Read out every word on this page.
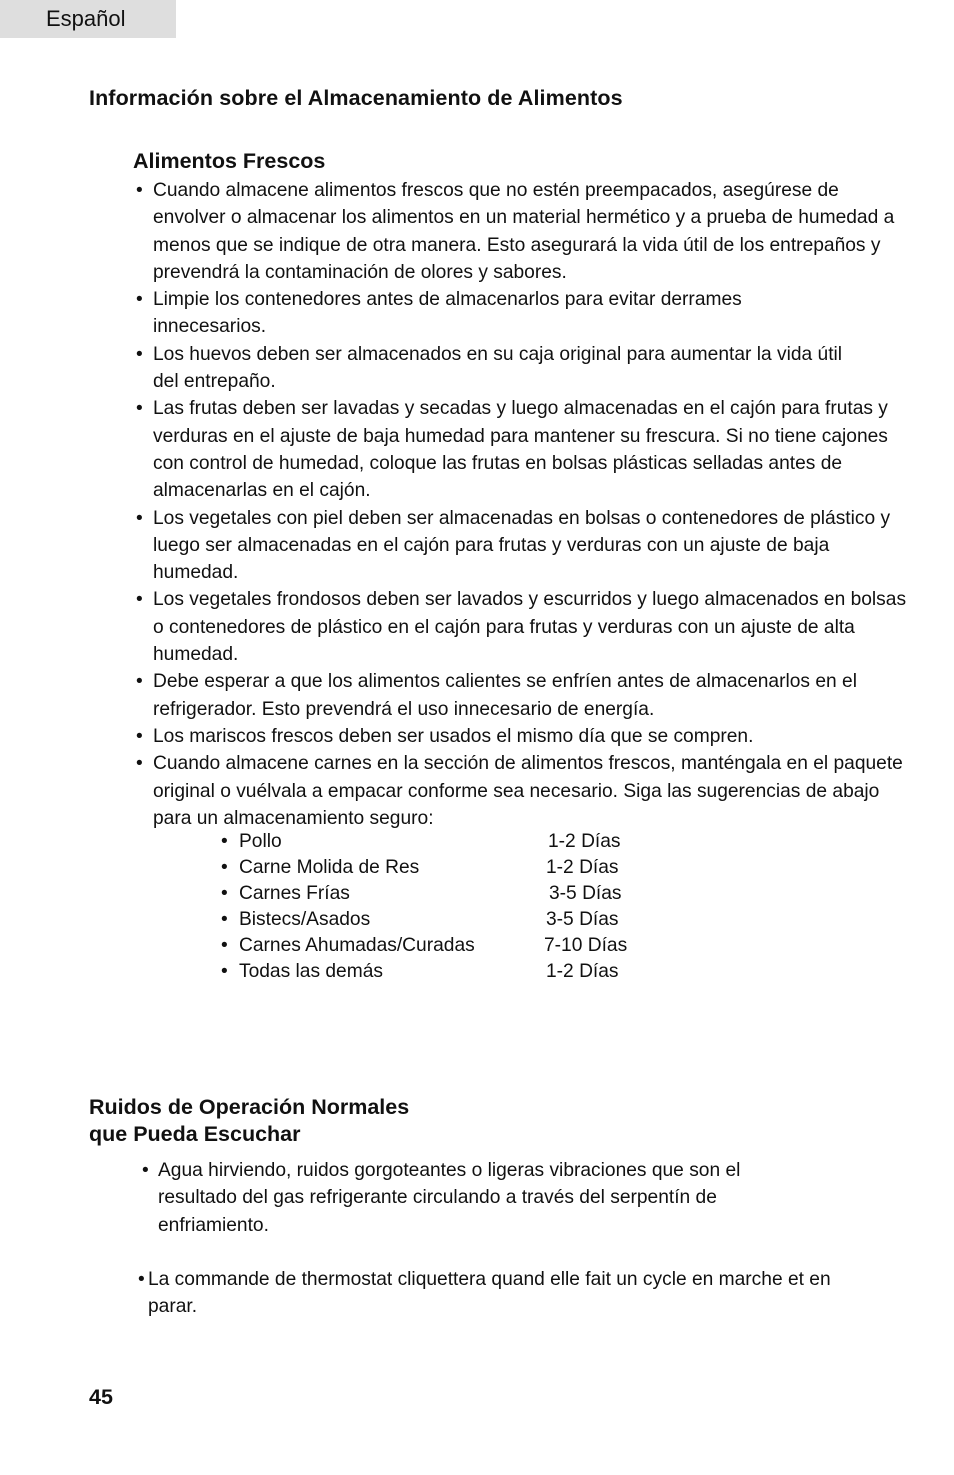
Español
Información sobre el Almacenamiento de Alimentos
Alimentos Frescos
• Cuando almacene alimentos frescos que no estén preempacados, asegúrese de envolver o almacenar los alimentos en un material hermético y a prueba de humedad a menos que se indique de otra manera. Esto asegurará la vida útil de los entrepaños y prevendrá la contaminación de olores y sabores.
• Limpie los contenedores antes de almacenarlos para evitar derrames innecesarios.
• Los huevos deben ser almacenados en su caja original para aumentar la vida útil del entrepaño.
• Las frutas deben ser lavadas y secadas y luego almacenadas en el cajón para frutas y verduras en el ajuste de baja humedad para mantener su frescura. Si no tiene cajones con control de humedad, coloque las frutas en bolsas plásticas selladas antes de almacenarlas en el cajón.
• Los vegetales con piel deben ser almacenadas en bolsas o contenedores de plástico y luego ser almacenadas en el cajón para frutas y verduras con un ajuste de baja humedad.
• Los vegetales frondosos deben ser lavados y escurridos y luego almacenados en bolsas o contenedores de plástico en el cajón para frutas y verduras con un ajuste de alta humedad.
• Debe esperar a que los alimentos calientes se enfríen antes de almacenarlos en el refrigerador. Esto prevendrá el uso innecesario de energía.
• Los mariscos frescos deben ser usados el mismo día que se compren.
• Cuando almacene carnes en la sección de alimentos frescos, manténgala en el paquete original o vuélvala a empacar conforme sea necesario. Siga las sugerencias de abajo para un almacenamiento seguro:
• Pollo	1-2 Días
• Carne Molida de Res	1-2 Días
• Carnes Frías	3-5 Días
• Bistecs/Asados	3-5 Días
• Carnes Ahumadas/Curadas	7-10 Días
• Todas las demás	1-2 Días
Ruidos de Operación Normales
que Pueda Escuchar
• Agua hirviendo, ruidos gorgoteantes o ligeras vibraciones que son el resultado del gas refrigerante circulando a través del serpentín de enfriamiento.
• La commande de thermostat cliquettera quand elle fait un cycle en marche et en parar.
45
